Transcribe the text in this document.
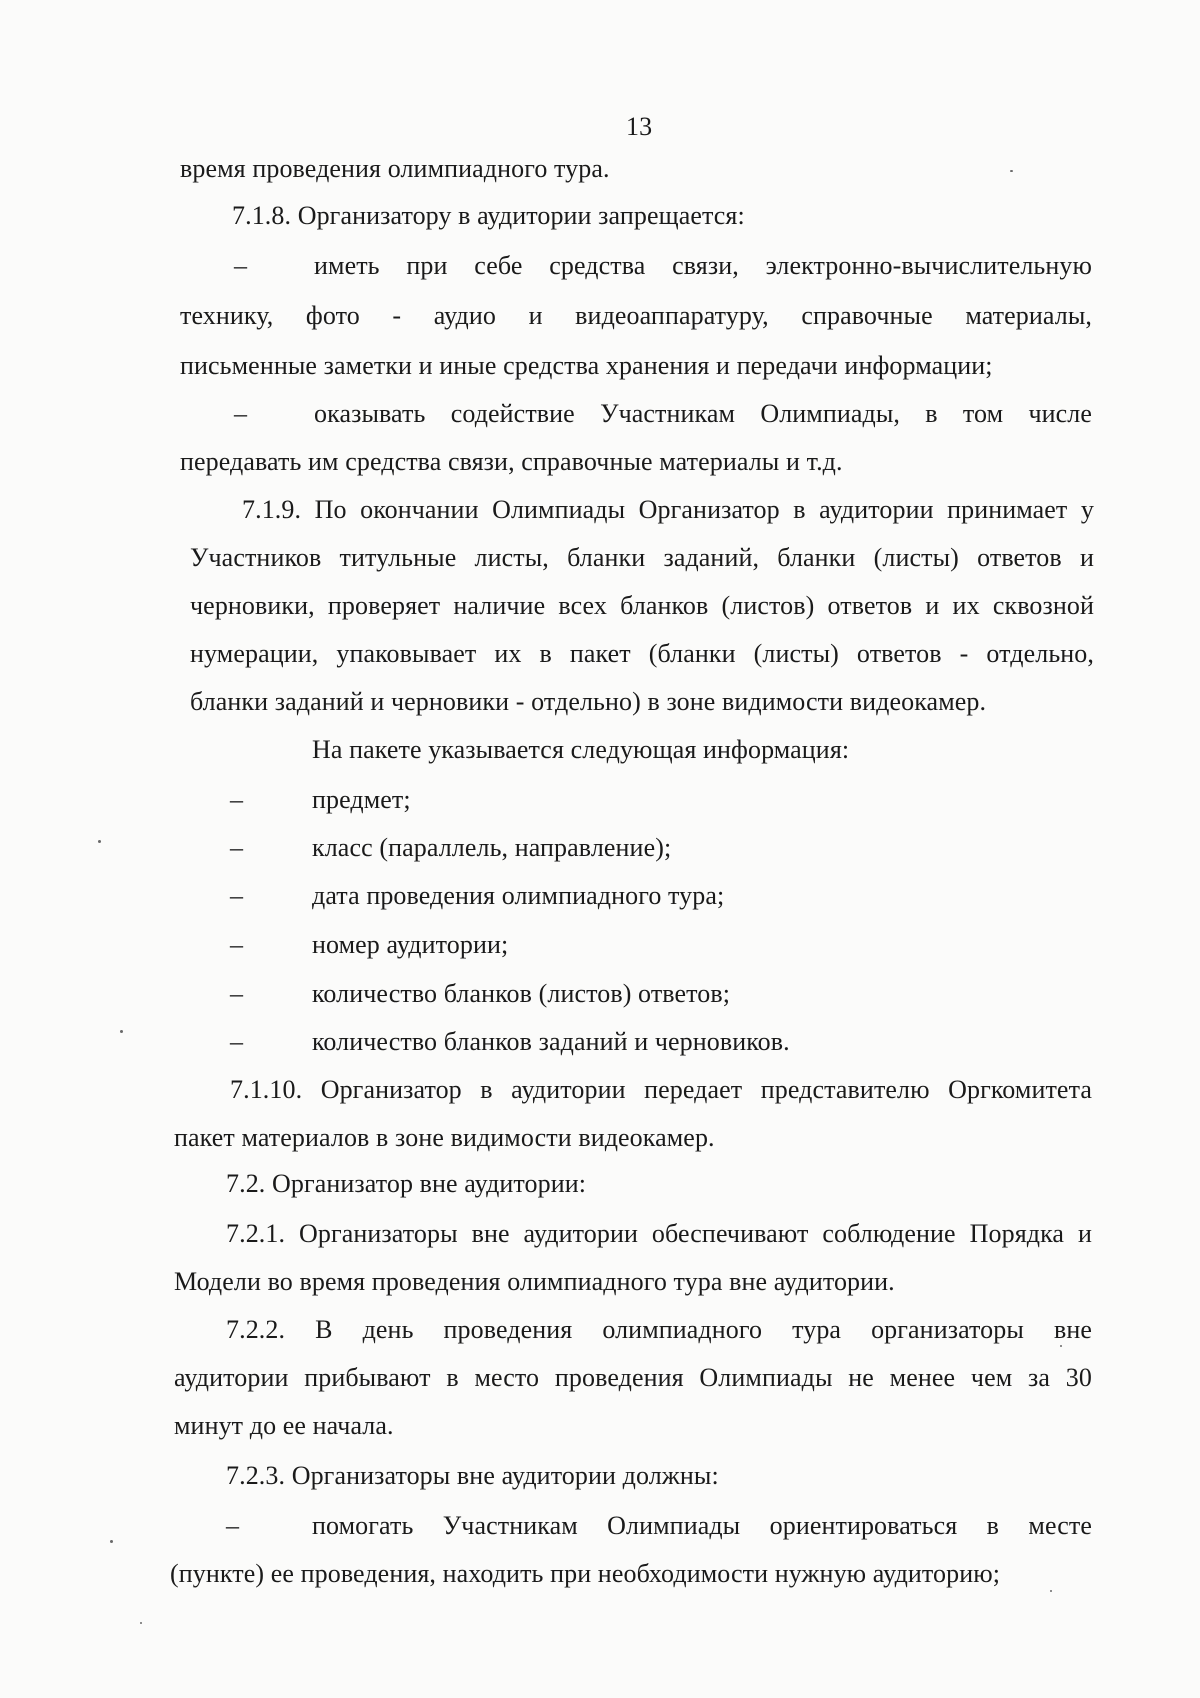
13
время проведения олимпиадного тура.
7.1.8. Организатору в аудитории запрещается:
–	иметь при себе средства связи, электронно-вычислительную
технику, фото - аудио и видеоаппаратуру, справочные материалы,
письменные заметки и иные средства хранения и передачи информации;
–	оказывать содействие Участникам Олимпиады, в том числе
передавать им средства связи, справочные материалы и т.д.
7.1.9. По окончании Олимпиады Организатор в аудитории принимает у
Участников титульные листы, бланки заданий, бланки (листы) ответов и
черновики, проверяет наличие всех бланков (листов) ответов и их сквозной
нумерации, упаковывает их в пакет (бланки (листы) ответов - отдельно,
бланки заданий и черновики - отдельно) в зоне видимости видеокамер.
На пакете указывается следующая информация:
–	предмет;
–	класс (параллель, направление);
–	дата проведения олимпиадного тура;
–	номер аудитории;
–	количество бланков (листов) ответов;
–	количество бланков заданий и черновиков.
7.1.10. Организатор в аудитории передает представителю Оргкомитета
пакет материалов в зоне видимости видеокамер.
7.2. Организатор вне аудитории:
7.2.1. Организаторы вне аудитории обеспечивают соблюдение Порядка и
Модели во время проведения олимпиадного тура вне аудитории.
7.2.2. В день проведения олимпиадного тура организаторы вне
аудитории прибывают в место проведения Олимпиады не менее чем за 30
минут до ее начала.
7.2.3. Организаторы вне аудитории должны:
–	помогать Участникам Олимпиады ориентироваться в месте
(пункте) ее проведения, находить при необходимости нужную аудиторию;
